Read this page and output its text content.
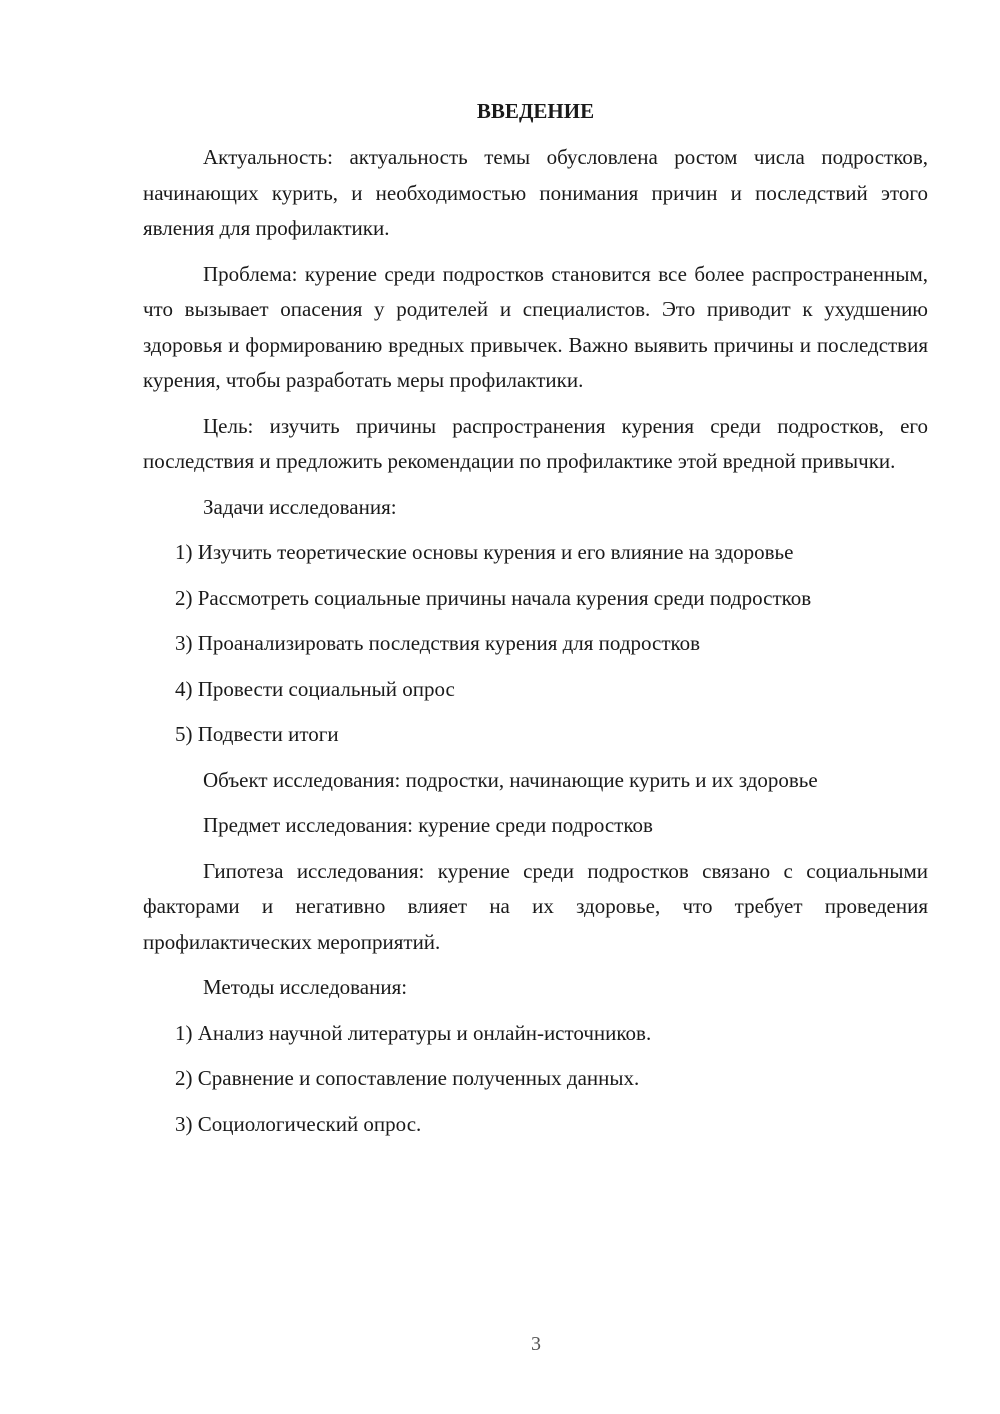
ВВЕДЕНИЕ

Актуальность: актуальность темы обусловлена ростом числа подростков, начинающих курить, и необходимостью понимания причин и последствий этого явления для профилактики.

Проблема: курение среди подростков становится все более распространенным, что вызывает опасения у родителей и специалистов. Это приводит к ухудшению здоровья и формированию вредных привычек. Важно выявить причины и последствия курения, чтобы разработать меры профилактики.

Цель: изучить причины распространения курения среди подростков, его последствия и предложить рекомендации по профилактике этой вредной привычки.

Задачи исследования:

1) Изучить теоретические основы курения и его влияние на здоровье

2) Рассмотреть социальные причины начала курения среди подростков

3) Проанализировать последствия курения для подростков

4) Провести социальный опрос

5) Подвести итоги

Объект исследования: подростки, начинающие курить и их здоровье

Предмет исследования: курение среди подростков

Гипотеза исследования: курение среди подростков связано с социальными факторами и негативно влияет на их здоровье, что требует проведения профилактических мероприятий.

Методы исследования:

1) Анализ научной литературы и онлайн-источников.

2) Сравнение и сопоставление полученных данных.

3) Социологический опрос.

3
